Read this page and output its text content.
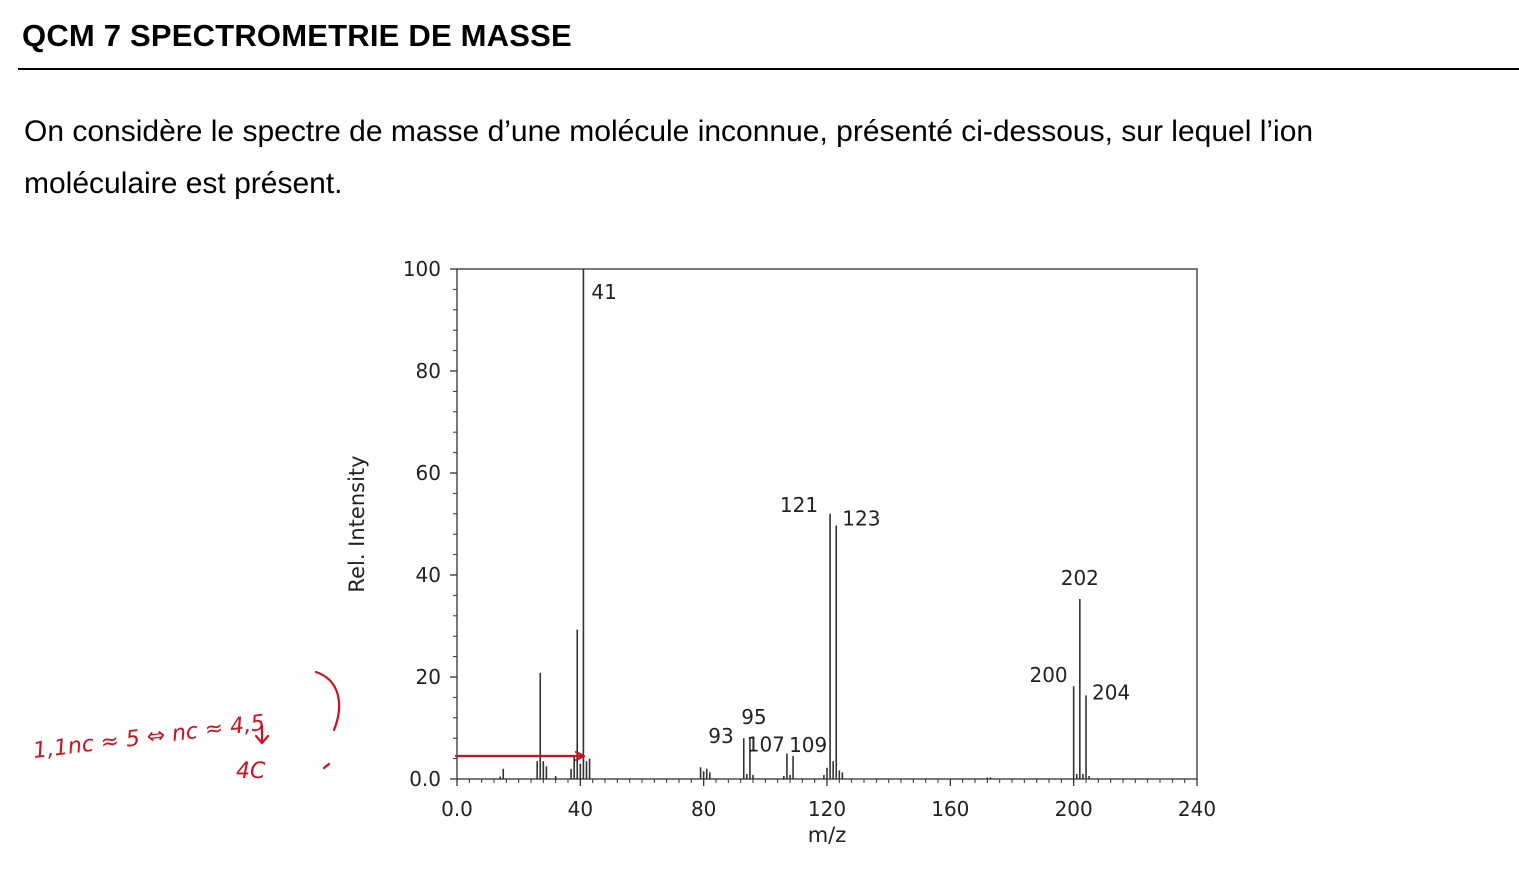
QCM 7 SPECTROMETRIE DE MASSE
On considère le spectre de masse d’une molécule inconnue, présenté ci-dessous, sur lequel l’ion
moléculaire est présent.
0.0	40	80	120	160	200	240
0.0
20
40
60
80
100
41
93
95
107 109
121
123
200
202
204
m/z
Rel. Intensity
1,1nc ≈ 5 ⇔ nc ≈ 4,5
4C
